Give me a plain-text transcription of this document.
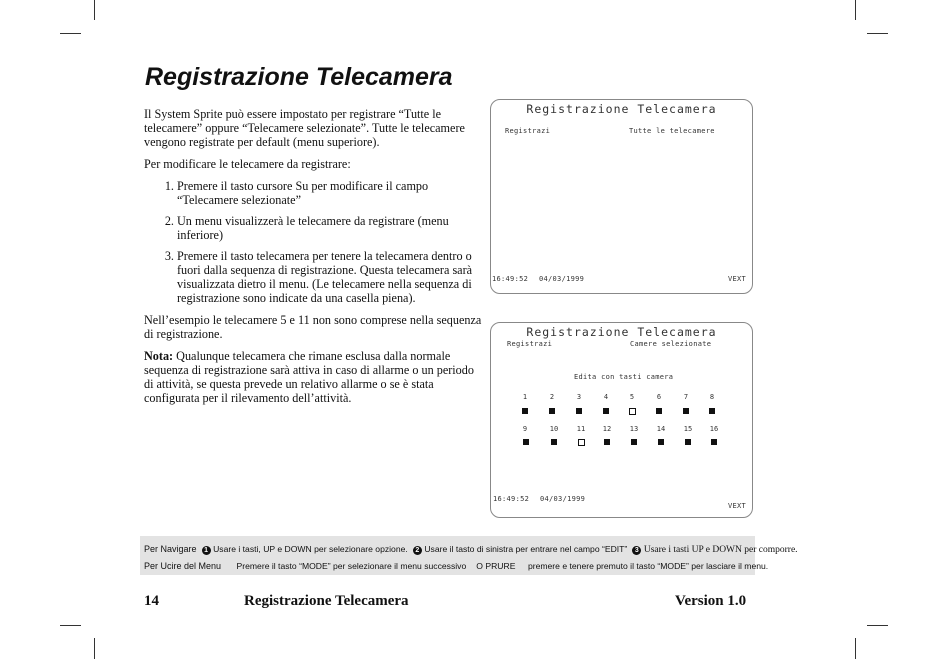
Registrazione Telecamera

Il System Sprite può essere impostato per registrare “Tutte le telecamere” oppure “Telecamere selezionate”. Tutte le telecamere vengono registrate per default (menu superiore).

Per modificare le telecamere da registrare:

1. Premere il tasto cursore Su per modificare il campo “Telecamere selezionate”
2. Un menu visualizzerà le telecamere da registrare (menu inferiore)
3. Premere il tasto telecamera per tenere la telecamera dentro o fuori dalla sequenza di registrazione. Questa telecamera sarà visualizzata dietro il menu. (Le telecamere nella sequenza di registrazione sono indicate da una casella piena).

Nell’esempio le telecamere 5 e 11 non sono comprese nella sequenza di registrazione.

Nota: Qualunque telecamera che rimane esclusa dalla normale sequenza di registrazione sarà attiva in caso di allarme o un periodo di attività, se questa prevede un relativo allarme o se è stata configurata per il rilevamento dell’attività.

Registrazione Telecamera
Registrazi	Tutte le telecamere
16:49:52 04/03/1999	VEXT
Registrazione Telecamera
Registrazi	Camere selezionate
Edita con tasti camera
1	2	3	4	5	6	7	8
9	10	11	12	13	14	15	16
16:49:52 04/03/1999
VEXT
Per Navigare 1 Usare i tasti, UP e DOWN per selezionare opzione. 2 Usare il tasto di sinistra per entrare nel campo “EDIT” 3 Usare i tasti UP e DOWN per comporre.
Per Ucire del Menu Premere il tasto “MODE” per selezionare il menu successivo O PRURE premere e tenere premuto il tasto “MODE” per lasciare il menu.
14	Registrazione Telecamera	Version 1.0
